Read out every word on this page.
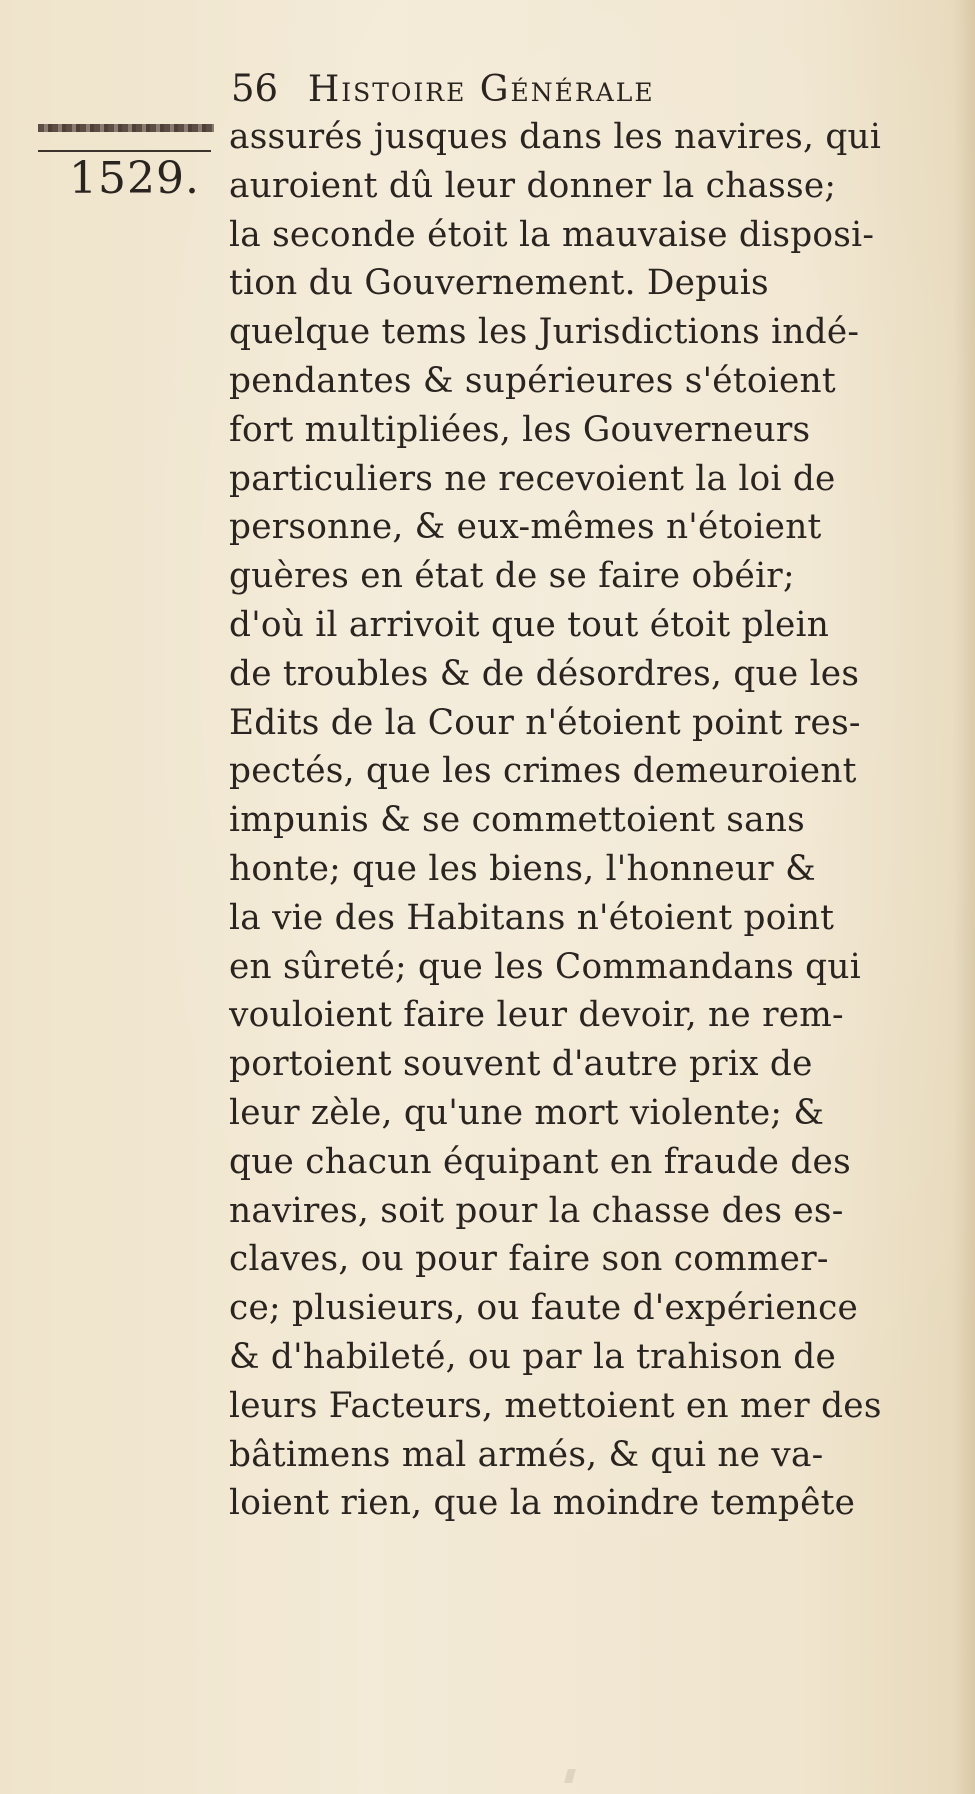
56 Histoire Générale
1529.
assurés jusques dans les navires, qui
auroient dû leur donner la chasse;
la seconde étoit la mauvaise disposi-
tion du Gouvernement. Depuis
quelque tems les Jurisdictions indé-
pendantes & supérieures s'étoient
fort multipliées, les Gouverneurs
particuliers ne recevoient la loi de
personne, & eux-mêmes n'étoient
guères en état de se faire obéir;
d'où il arrivoit que tout étoit plein
de troubles & de désordres, que les
Edits de la Cour n'étoient point res-
pectés, que les crimes demeuroient
impunis & se commettoient sans
honte; que les biens, l'honneur &
la vie des Habitans n'étoient point
en sûreté; que les Commandans qui
vouloient faire leur devoir, ne rem-
portoient souvent d'autre prix de
leur zèle, qu'une mort violente; &
que chacun équipant en fraude des
navires, soit pour la chasse des es-
claves, ou pour faire son commer-
ce; plusieurs, ou faute d'expérience
& d'habileté, ou par la trahison de
leurs Facteurs, mettoient en mer des
bâtimens mal armés, & qui ne va-
loient rien, que la moindre tempête
